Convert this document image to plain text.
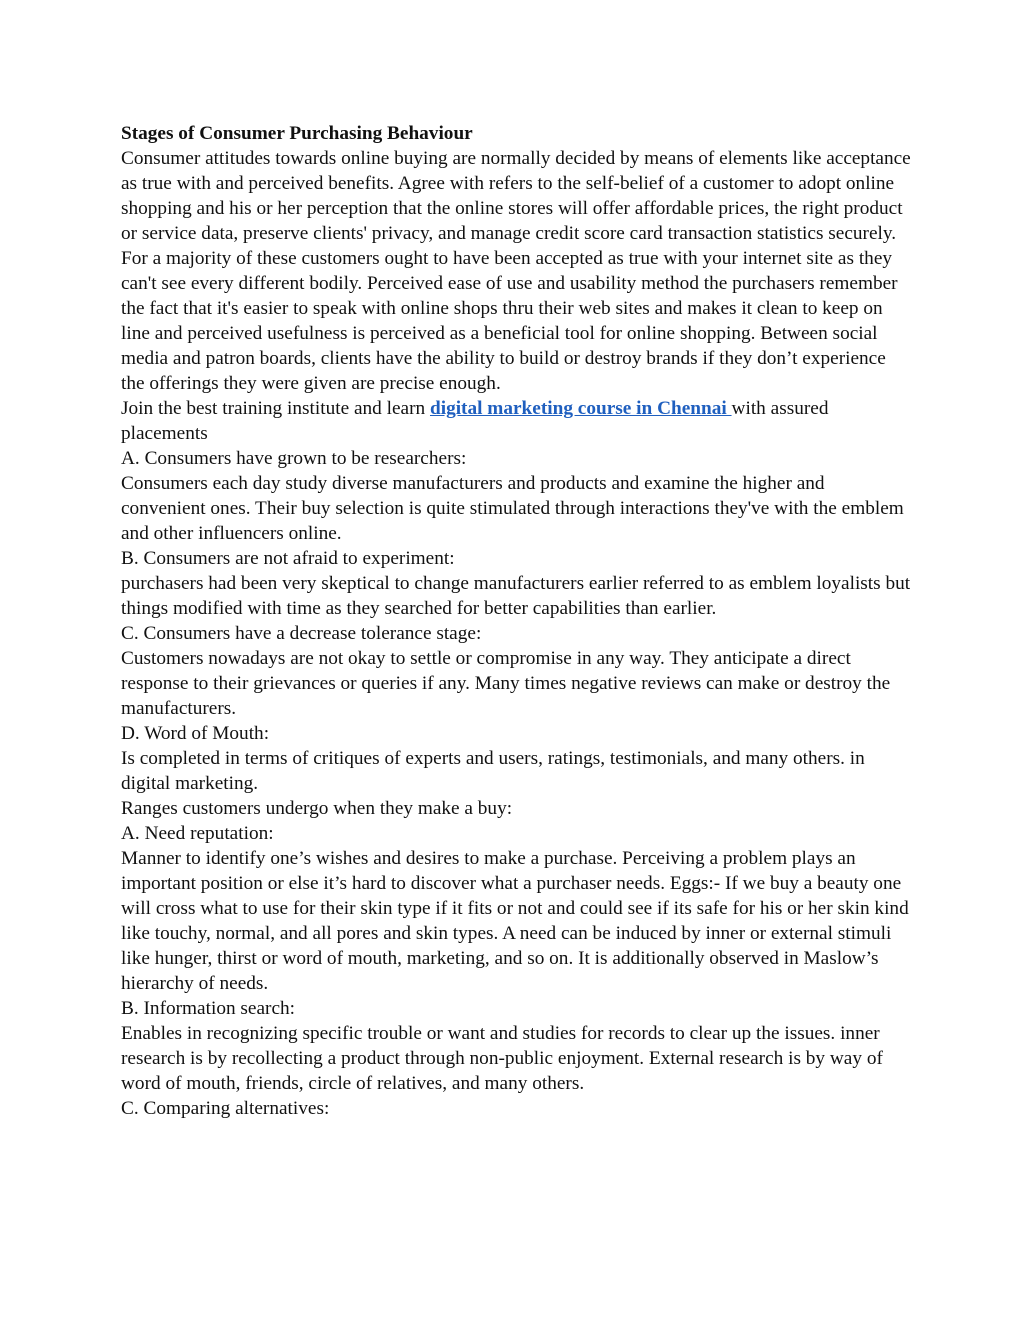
Stages of Consumer Purchasing Behaviour

Consumer attitudes towards online buying are normally decided by means of elements like acceptance as true with and perceived benefits. Agree with refers to the self-belief of a customer to adopt online shopping and his or her perception that the online stores will offer affordable prices, the right product or service data, preserve clients' privacy, and manage credit score card transaction statistics securely.

For a majority of these customers ought to have been accepted as true with your internet site as they can't see every different bodily. Perceived ease of use and usability method the purchasers remember the fact that it's easier to speak with online shops thru their web sites and makes it clean to keep on line and perceived usefulness is perceived as a beneficial tool for online shopping. Between social media and patron boards, clients have the ability to build or destroy brands if they don’t experience the offerings they were given are precise enough.

Join the best training institute and learn digital marketing course in Chennai with assured placements

A. Consumers have grown to be researchers:

Consumers each day study diverse manufacturers and products and examine the higher and convenient ones. Their buy selection is quite stimulated through interactions they've with the emblem and other influencers online.

B. Consumers are not afraid to experiment:

purchasers had been very skeptical to change manufacturers earlier referred to as emblem loyalists but things modified with time as they searched for better capabilities than earlier.

C. Consumers have a decrease tolerance stage:

Customers nowadays are not okay to settle or compromise in any way. They anticipate a direct response to their grievances or queries if any. Many times negative reviews can make or destroy the manufacturers.

D. Word of Mouth:

Is completed in terms of critiques of experts and users, ratings, testimonials, and many others. in digital marketing.

Ranges customers undergo when they make a buy:

A. Need reputation:

Manner to identify one’s wishes and desires to make a purchase. Perceiving a problem plays an important position or else it’s hard to discover what a purchaser needs. Eggs:- If we buy a beauty one will cross what to use for their skin type if it fits or not and could see if its safe for his or her skin kind like touchy, normal, and all pores and skin types. A need can be induced by inner or external stimuli like hunger, thirst or word of mouth, marketing, and so on. It is additionally observed in Maslow’s hierarchy of needs.

B. Information search:

Enables in recognizing specific trouble or want and studies for records to clear up the issues. inner research is by recollecting a product through non-public enjoyment. External research is by way of word of mouth, friends, circle of relatives, and many others.

C. Comparing alternatives:
